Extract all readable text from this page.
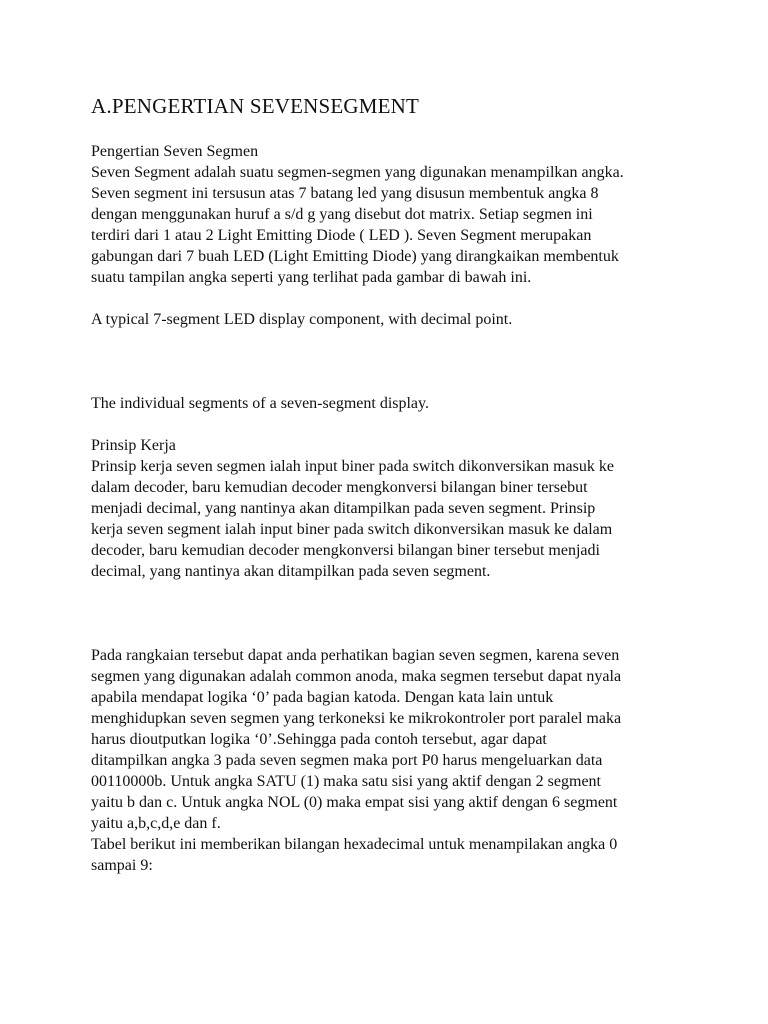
A.PENGERTIAN SEVENSEGMENT
Pengertian Seven Segmen
Seven Segment adalah suatu segmen-segmen yang digunakan menampilkan angka.
Seven segment ini tersusun atas 7 batang led yang disusun membentuk angka 8
dengan menggunakan huruf a s/d g yang disebut dot matrix. Setiap segmen ini
terdiri dari 1 atau 2 Light Emitting Diode ( LED ). Seven Segment merupakan
gabungan dari 7 buah LED (Light Emitting Diode) yang dirangkaikan membentuk
suatu tampilan angka seperti yang terlihat pada gambar di bawah ini.
A typical 7-segment LED display component, with decimal point.
The individual segments of a seven-segment display.
Prinsip Kerja
Prinsip kerja seven segmen ialah input biner pada switch dikonversikan masuk ke
dalam decoder, baru kemudian decoder mengkonversi bilangan biner tersebut
menjadi decimal, yang nantinya akan ditampilkan pada seven segment. Prinsip
kerja seven segment ialah input biner pada switch dikonversikan masuk ke dalam
decoder, baru kemudian decoder mengkonversi bilangan biner tersebut menjadi
decimal, yang nantinya akan ditampilkan pada seven segment.
Pada rangkaian tersebut dapat anda perhatikan bagian seven segmen, karena seven
segmen yang digunakan adalah common anoda, maka segmen tersebut dapat nyala
apabila mendapat logika ‘0’ pada bagian katoda. Dengan kata lain untuk
menghidupkan seven segmen yang terkoneksi ke mikrokontroler port paralel maka
harus dioutputkan logika ‘0’.Sehingga pada contoh tersebut, agar dapat
ditampilkan angka 3 pada seven segmen maka port P0 harus mengeluarkan data
00110000b. Untuk angka SATU (1) maka satu sisi yang aktif dengan 2 segment
yaitu b dan c. Untuk angka NOL (0) maka empat sisi yang aktif dengan 6 segment
yaitu a,b,c,d,e dan f.
Tabel berikut ini memberikan bilangan hexadecimal untuk menampilakan angka 0
sampai 9:
